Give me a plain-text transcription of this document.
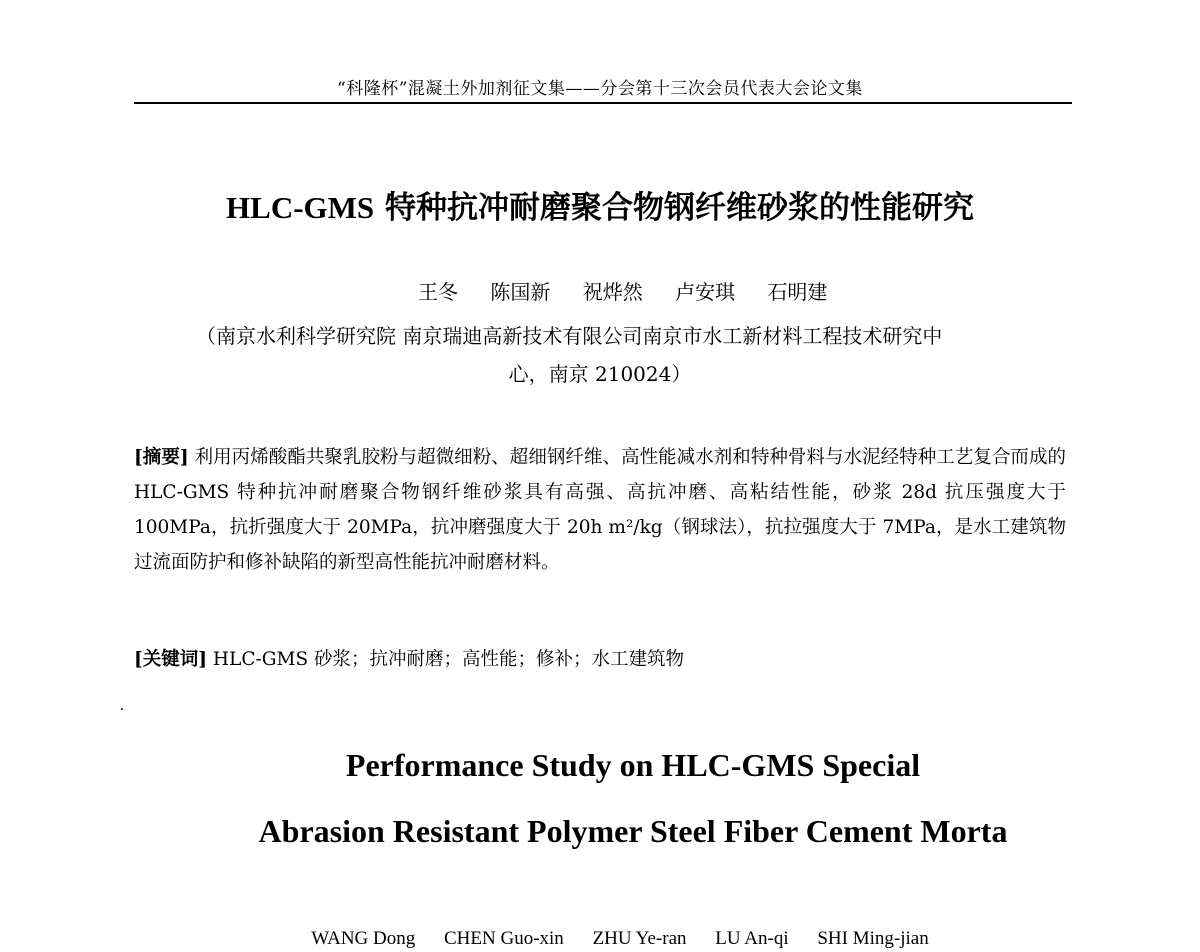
“科隆杯”混凝土外加剂征文集——分会第十三次会员代表大会论文集
HLC-GMS 特种抗冲耐磨聚合物钢纤维砂浆的性能研究
王冬 陈国新 祝烨然 卢安琪 石明建
（南京水利科学研究院 南京瑞迪高新技术有限公司南京市水工新材料工程技术研究中
心，南京 210024）
[摘要] 利用丙烯酸酯共聚乳胶粉与超微细粉、超细钢纤维、高性能减水剂和特种骨料与水泥经特种工艺复合而成的 HLC-GMS 特种抗冲耐磨聚合物钢纤维砂浆具有高强、高抗冲磨、高粘结性能，砂浆 28d 抗压强度大于 100MPa，抗折强度大于 20MPa，抗冲磨强度大于 20h m²/kg（钢球法），抗拉强度大于 7MPa，是水工建筑物过流面防护和修补缺陷的新型高性能抗冲耐磨材料。
[关键词] HLC-GMS 砂浆；抗冲耐磨；高性能；修补；水工建筑物
Performance Study on HLC-GMS Special
Abrasion Resistant Polymer Steel Fiber Cement Morta
WANG Dong CHEN Guo-xin ZHU Ye-ran LU An-qi SHI Ming-jian
